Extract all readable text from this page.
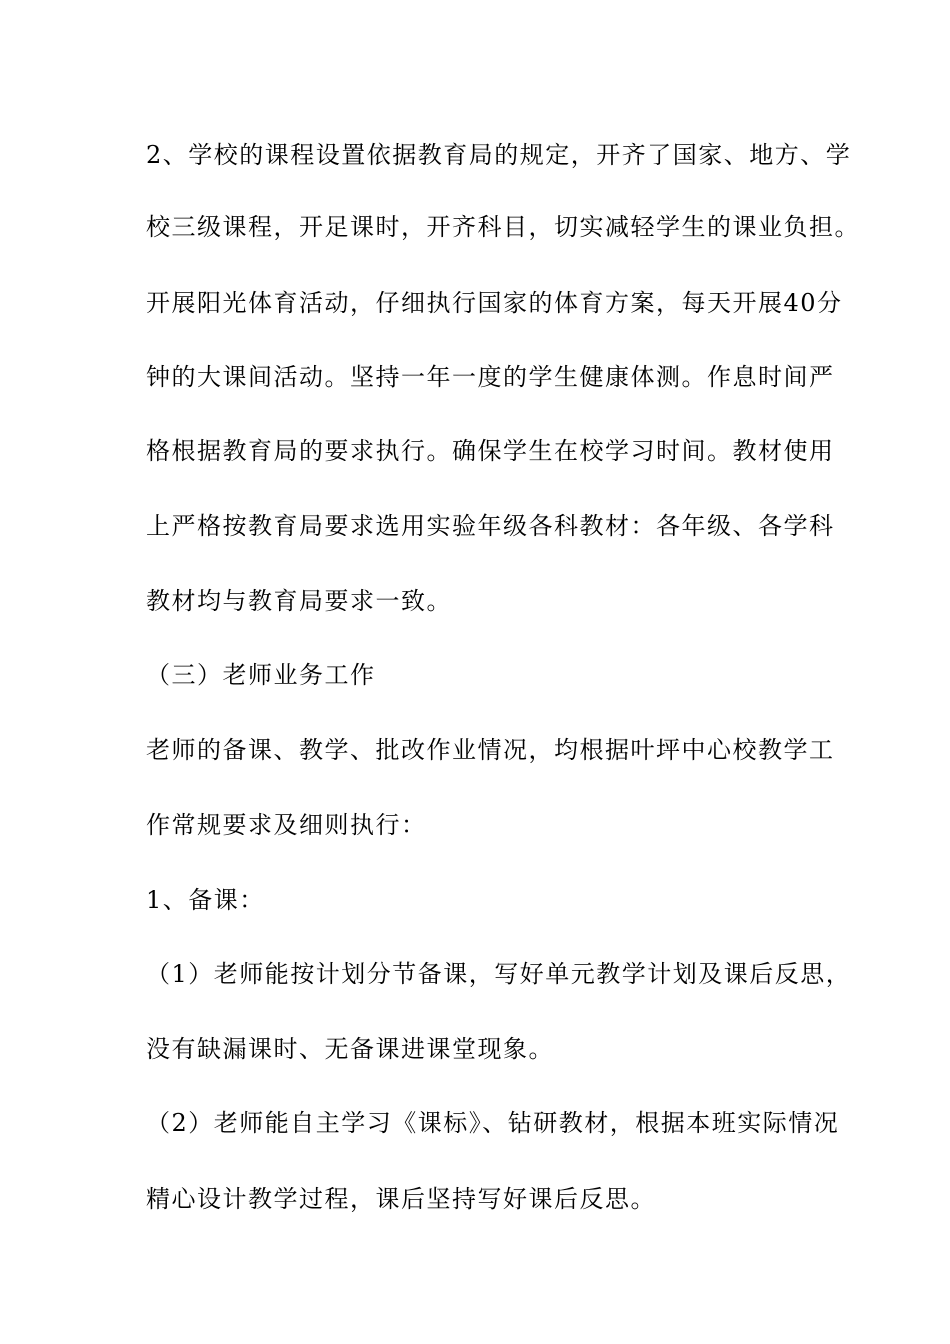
2、学校的课程设置依据教育局的规定，开齐了国家、地方、学
校三级课程，开足课时，开齐科目，切实减轻学生的课业负担。
开展阳光体育活动，仔细执行国家的体育方案，每天开展40分
钟的大课间活动。坚持一年一度的学生健康体测。作息时间严
格根据教育局的要求执行。确保学生在校学习时间。教材使用
上严格按教育局要求选用实验年级各科教材：各年级、各学科
教材均与教育局要求一致。
（三）老师业务工作
老师的备课、教学、批改作业情况，均根据叶坪中心校教学工
作常规要求及细则执行：
1、备课：
（1）老师能按计划分节备课，写好单元教学计划及课后反思，
没有缺漏课时、无备课进课堂现象。
（2）老师能自主学习《课标》、钻研教材，根据本班实际情况
精心设计教学过程，课后坚持写好课后反思。
